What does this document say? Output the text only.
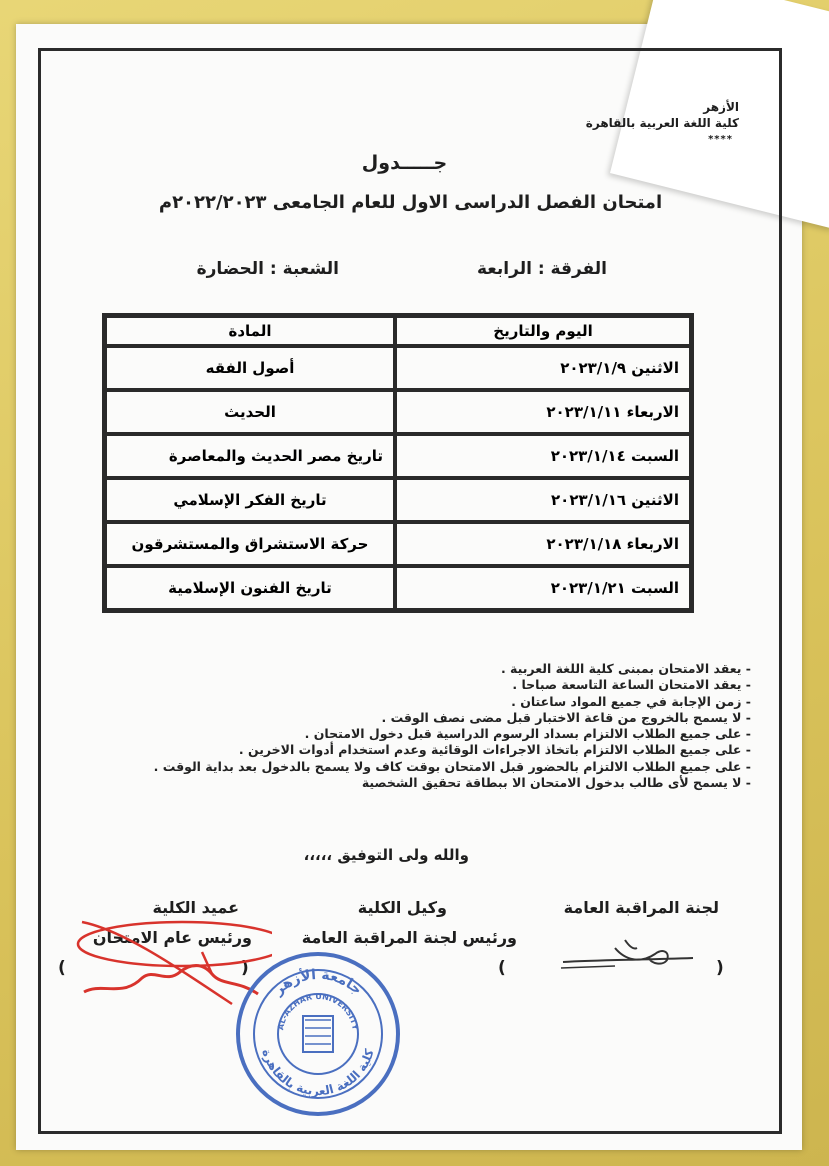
الأزهر
كلية اللغة العربية بالقاهرة
****
جـــــدول
امتحان الفصل الدراسى الاول للعام الجامعى ٢٠٢٢/٢٠٢٣م
الفرقة : الرابعة
الشعبة : الحضارة
اليوم والتاريخ	المادة
الاثنين ٢٠٢٣/١/٩	أصول الفقه
الاربعاء ٢٠٢٣/١/١١	الحديث
السبت ٢٠٢٣/١/١٤	تاريخ مصر الحديث والمعاصرة
الاثنين ٢٠٢٣/١/١٦	تاريخ الفكر الإسلامي
الاربعاء ٢٠٢٣/١/١٨	حركة الاستشراق والمستشرقون
السبت ٢٠٢٣/١/٢١	تاريخ الفنون الإسلامية
- يعقد الامتحان بمبنى كلية اللغة العربية .
- يعقد الامتحان الساعة التاسعة صباحا .
- زمن الإجابة في جميع المواد ساعتان .
- لا يسمح بالخروج من قاعة الاختبار قبل مضى نصف الوقت .
- على جميع الطلاب الالتزام بسداد الرسوم الدراسية قبل دخول الامتحان .
- على جميع الطلاب الالتزام باتخاذ الاجراءات الوقائية وعدم استخدام أدوات الاخرين .
- على جميع الطلاب الالتزام بالحضور قبل الامتحان بوقت كاف ولا يسمح بالدخول بعد بداية الوقت .
- لا يسمح لأى طالب بدخول الامتحان الا ببطاقة تحقيق الشخصية
والله ولى التوفيق ،،،،،
لجنة المراقبة العامة
وكيل الكلية
ورئيس لجنة المراقبة العامة
عميد الكلية
ورئيس عام الامتحان
)
(
)
(
جامعة الأزهر
AL-AZHAR UNIVERSITY
كلية اللغة العربية بالقاهرة
